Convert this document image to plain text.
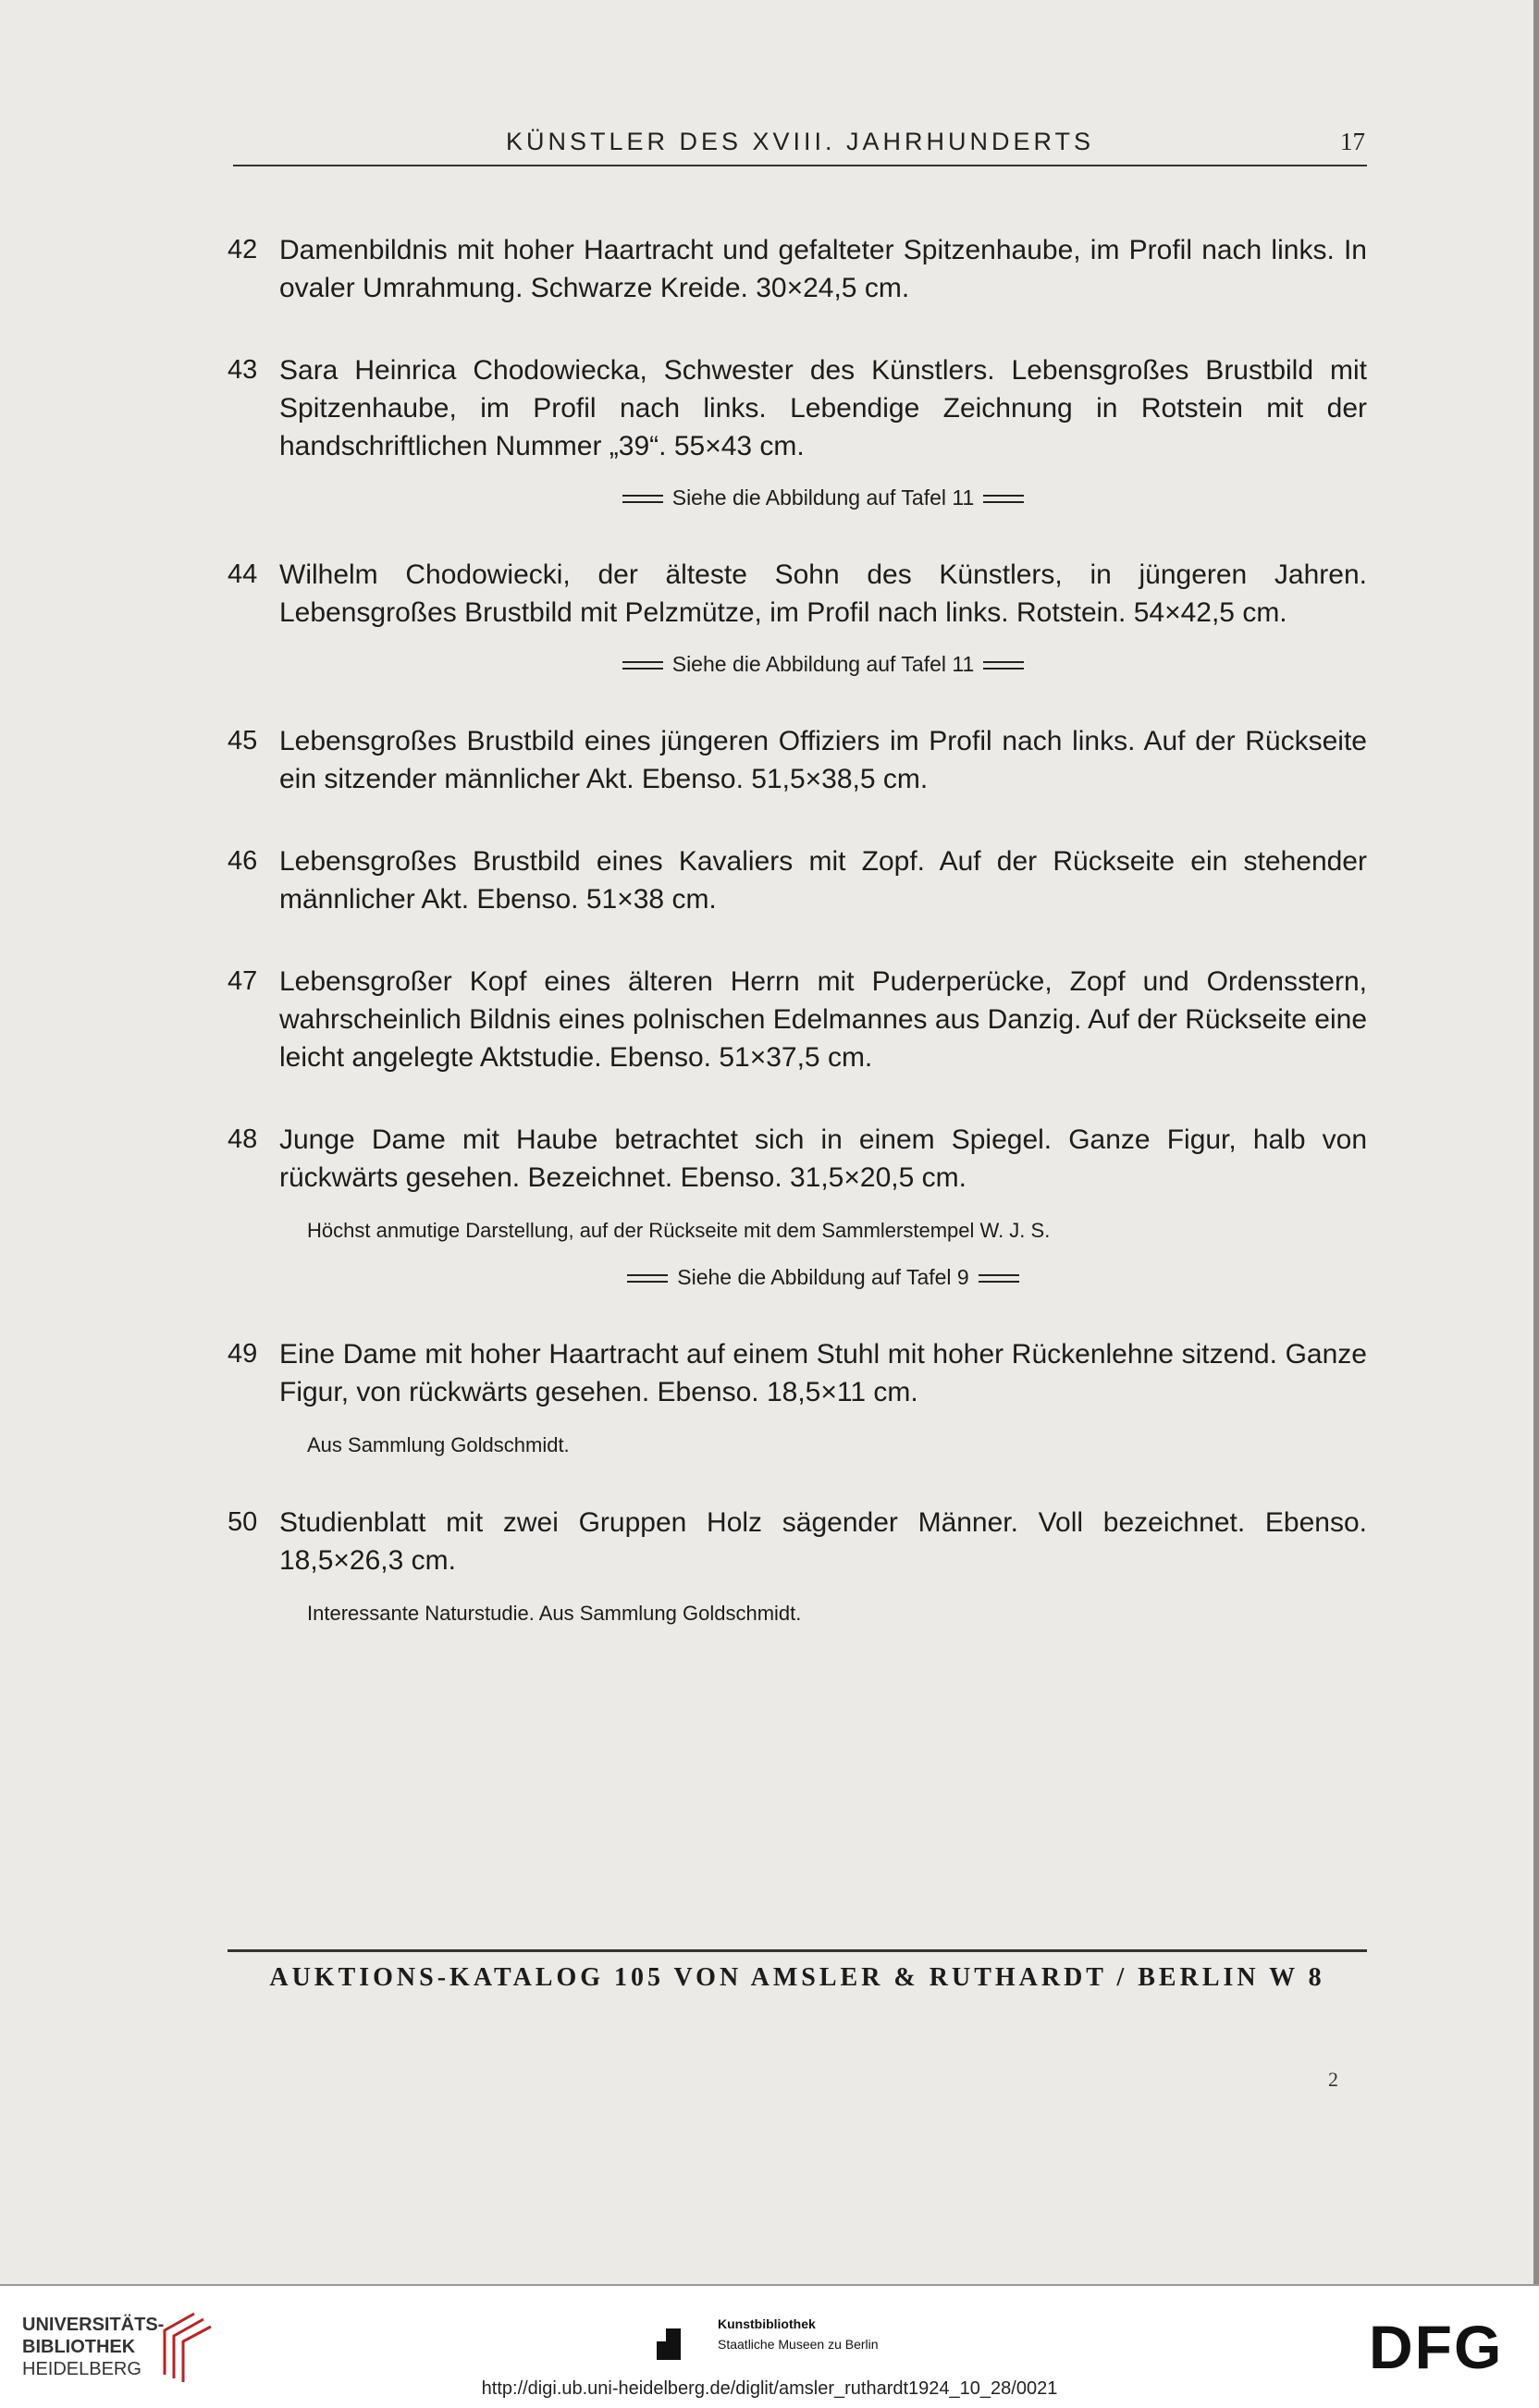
KÜNSTLER DES XVIII. JAHRHUNDERTS	17
42 Damenbildnis mit hoher Haartracht und gefalteter Spitzenhaube, im Profil nach links. In ovaler Umrahmung. Schwarze Kreide. 30×24,5 cm.
43 Sara Heinrica Chodowiecka, Schwester des Künstlers. Lebensgroßes Brustbild mit Spitzenhaube, im Profil nach links. Lebendige Zeichnung in Rotstein mit der handschriftlichen Nummer „39“. 55×43 cm.
Siehe die Abbildung auf Tafel 11
44 Wilhelm Chodowiecki, der älteste Sohn des Künstlers, in jüngeren Jahren. Lebensgroßes Brustbild mit Pelzmütze, im Profil nach links. Rotstein. 54×42,5 cm.
Siehe die Abbildung auf Tafel 11
45 Lebensgroßes Brustbild eines jüngeren Offiziers im Profil nach links. Auf der Rückseite ein sitzender männlicher Akt. Ebenso. 51,5×38,5 cm.
46 Lebensgroßes Brustbild eines Kavaliers mit Zopf. Auf der Rückseite ein stehender männlicher Akt. Ebenso. 51×38 cm.
47 Lebensgroßer Kopf eines älteren Herrn mit Puderperücke, Zopf und Ordensstern, wahrscheinlich Bildnis eines polnischen Edelmannes aus Danzig. Auf der Rückseite eine leicht angelegte Aktstudie. Ebenso. 51×37,5 cm.
48 Junge Dame mit Haube betrachtet sich in einem Spiegel. Ganze Figur, halb von rückwärts gesehen. Bezeichnet. Ebenso. 31,5×20,5 cm.
Höchst anmutige Darstellung, auf der Rückseite mit dem Sammlerstempel W. J. S.
Siehe die Abbildung auf Tafel 9
49 Eine Dame mit hoher Haartracht auf einem Stuhl mit hoher Rückenlehne sitzend. Ganze Figur, von rückwärts gesehen. Ebenso. 18,5×11 cm.
Aus Sammlung Goldschmidt.
50 Studienblatt mit zwei Gruppen Holz sägender Männer. Voll bezeichnet. Ebenso. 18,5×26,3 cm.
Interessante Naturstudie. Aus Sammlung Goldschmidt.
AUKTIONS-KATALOG 105 VON AMSLER & RUTHARDT / BERLIN W 8
2
UNIVERSITÄTS-
BIBLIOTHEK
HEIDELBERG
Kunstbibliothek
Staatliche Museen zu Berlin	DFG
http://digi.ub.uni-heidelberg.de/diglit/amsler_ruthardt1924_10_28/0021
